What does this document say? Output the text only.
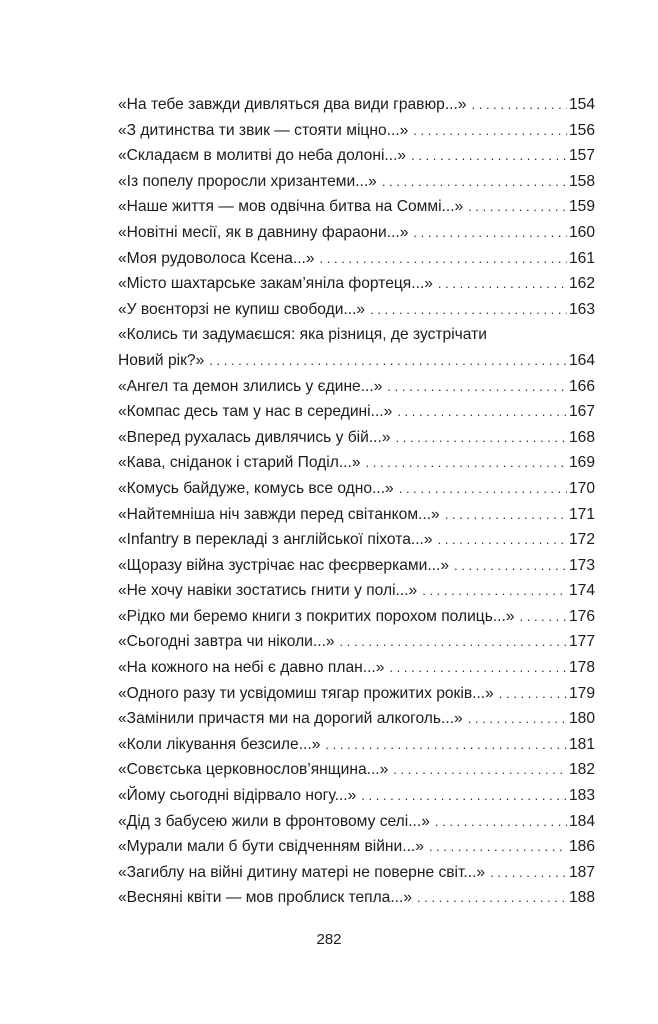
«На тебе завжди дивляться два види гравюр...» . . .	154
«З дитинства ти звик — стояти міцно...» . . .	156
«Складаєм в молитві до неба долоні...» . . .	157
«Із попелу проросли хризантеми...» . . .	158
«Наше життя — мов одвічна битва на Соммі...» . . .	159
«Новітні месії, як в давнину фараони...» . . .	160
«Моя рудоволоса Ксена...» . . .	161
«Місто шахтарське закам’яніла фортеця...» . . .	162
«У воєнторзі не купиш свободи...» . . .	163
«Колись ти задумаєшся: яка різниця, де зустрічати
Новий рік?» . . .	164
«Ангел та демон злились у єдине...» . . .	166
«Компас десь там у нас в середині...» . . .	167
«Вперед рухалась дивлячись у бій...» . . .	168
«Кава, сніданок і старий Поділ...» . . .	169
«Комусь байдуже, комусь все одно...» . . .	170
«Найтемніша ніч завжди перед світанком...» . . .	171
«Infantry в перекладі з англійської піхота...» . . .	172
«Щоразу війна зустрічає нас феєрверками...» . . .	173
«Не хочу навіки зостатись гнити у полі...» . . .	174
«Рідко ми беремо книги з покритих порохом полиць...» . . .	176
«Сьогодні завтра чи ніколи...» . . .	177
«На кожного на небі є давно план...» . . .	178
«Одного разу ти усвідомиш тягар прожитих років...» . . .	179
«Замінили причастя ми на дорогий алкоголь...» . . .	180
«Коли лікування безсиле...» . . .	181
«Совєтська церковнослов’янщина...» . . .	182
«Йому сьогодні відірвало ногу...» . . .	183
«Дід з бабусею жили в фронтовому селі...» . . .	184
«Мурали мали б бути свідченням війни...» . . .	186
«Загиблу на війні дитину матері не поверне світ...» . . .	187
«Весняні квіти — мов проблиск тепла...» . . .	188
282
